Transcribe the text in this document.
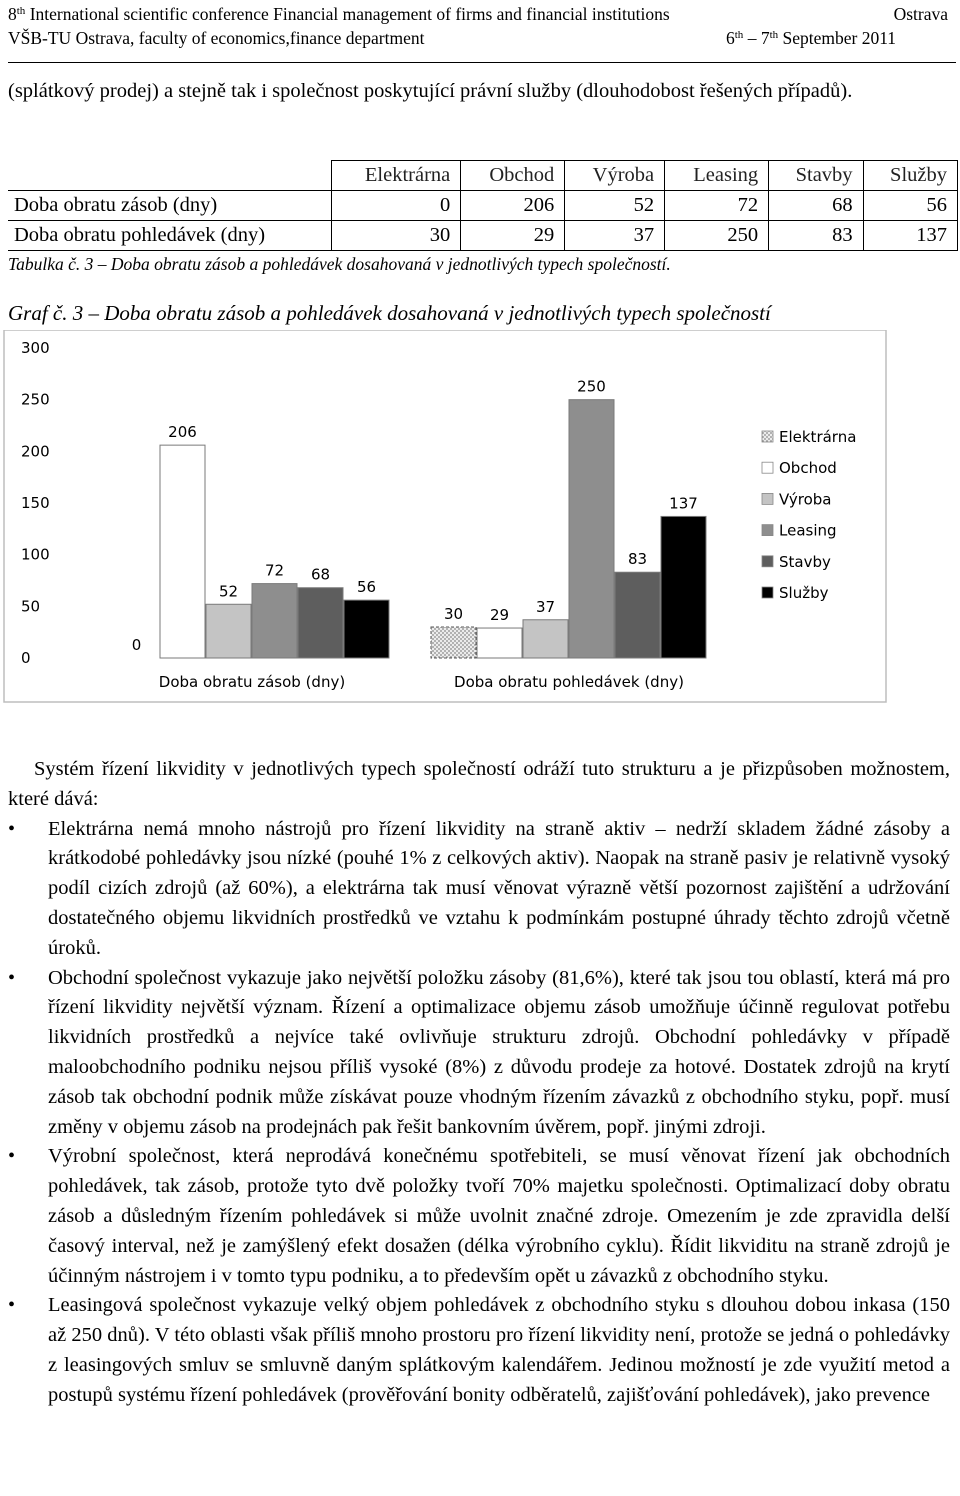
8th International scientific conference Financial management of firms and financial institutions	Ostrava
VŠB-TU Ostrava, faculty of economics,finance department	6th – 7th September 2011
(splátkový prodej) a stejně tak i společnost poskytující právní služby (dlouhodobost řešených případů).
	Elektrárna	Obchod	Výroba	Leasing	Stavby	Služby
Doba obratu zásob (dny)	0	206	52	72	68	56
Doba obratu pohledávek (dny)	30	29	37	250	83	137
Tabulka č. 3 – Doba obratu zásob a pohledávek dosahovaná v jednotlivých typech společností.
Graf č. 3 – Doba obratu zásob a pohledávek dosahovaná v jednotlivých typech společností
0
50
100
150
200
250
300
0
206
52
72 68
56
30 29 37
250
83
137
Doba obratu zásob (dny)	Doba obratu pohledávek (dny)
Elektrárna
Obchod
Výroba
Leasing
Stavby
Služby

Systém řízení likvidity v jednotlivých typech společností odráží tuto strukturu a je přizpůsoben možnostem, které dává:

• Elektrárna nemá mnoho nástrojů pro řízení likvidity na straně aktiv – nedrží skladem žádné zásoby a krátkodobé pohledávky jsou nízké (pouhé 1% z celkových aktiv). Naopak na straně pasiv je relativně vysoký podíl cizích zdrojů (až 60%), a elektrárna tak musí věnovat výrazně větší pozornost zajištění a udržování dostatečného objemu likvidních prostředků ve vztahu k podmínkám postupné úhrady těchto zdrojů včetně úroků.
• Obchodní společnost vykazuje jako největší položku zásoby (81,6%), které tak jsou tou oblastí, která má pro řízení likvidity největší význam. Řízení a optimalizace objemu zásob umožňuje účinně regulovat potřebu likvidních prostředků a nejvíce také ovlivňuje strukturu zdrojů. Obchodní pohledávky v případě maloobchodního podniku nejsou příliš vysoké (8%) z důvodu prodeje za hotové. Dostatek zdrojů na krytí zásob tak obchodní podnik může získávat pouze vhodným řízením závazků z obchodního styku, popř. musí změny v objemu zásob na prodejnách pak řešit bankovním úvěrem, popř. jinými zdroji.
• Výrobní společnost, která neprodává konečnému spotřebiteli, se musí věnovat řízení jak obchodních pohledávek, tak zásob, protože tyto dvě položky tvoří 70% majetku společnosti. Optimalizací doby obratu zásob a důsledným řízením pohledávek si může uvolnit značné zdroje. Omezením je zde zpravidla delší časový interval, než je zamýšlený efekt dosažen (délka výrobního cyklu). Řídit likviditu na straně zdrojů je účinným nástrojem i v tomto typu podniku, a to především opět u závazků z obchodního styku.
• Leasingová společnost vykazuje velký objem pohledávek z obchodního styku s dlouhou dobou inkasa (150 až 250 dnů). V této oblasti však příliš mnoho prostoru pro řízení likvidity není, protože se jedná o pohledávky z leasingových smluv se smluvně daným splátkovým kalendářem. Jedinou možností je zde využití metod a postupů systému řízení pohledávek (prověřování bonity odběratelů, zajišťování pohledávek), jako prevence
